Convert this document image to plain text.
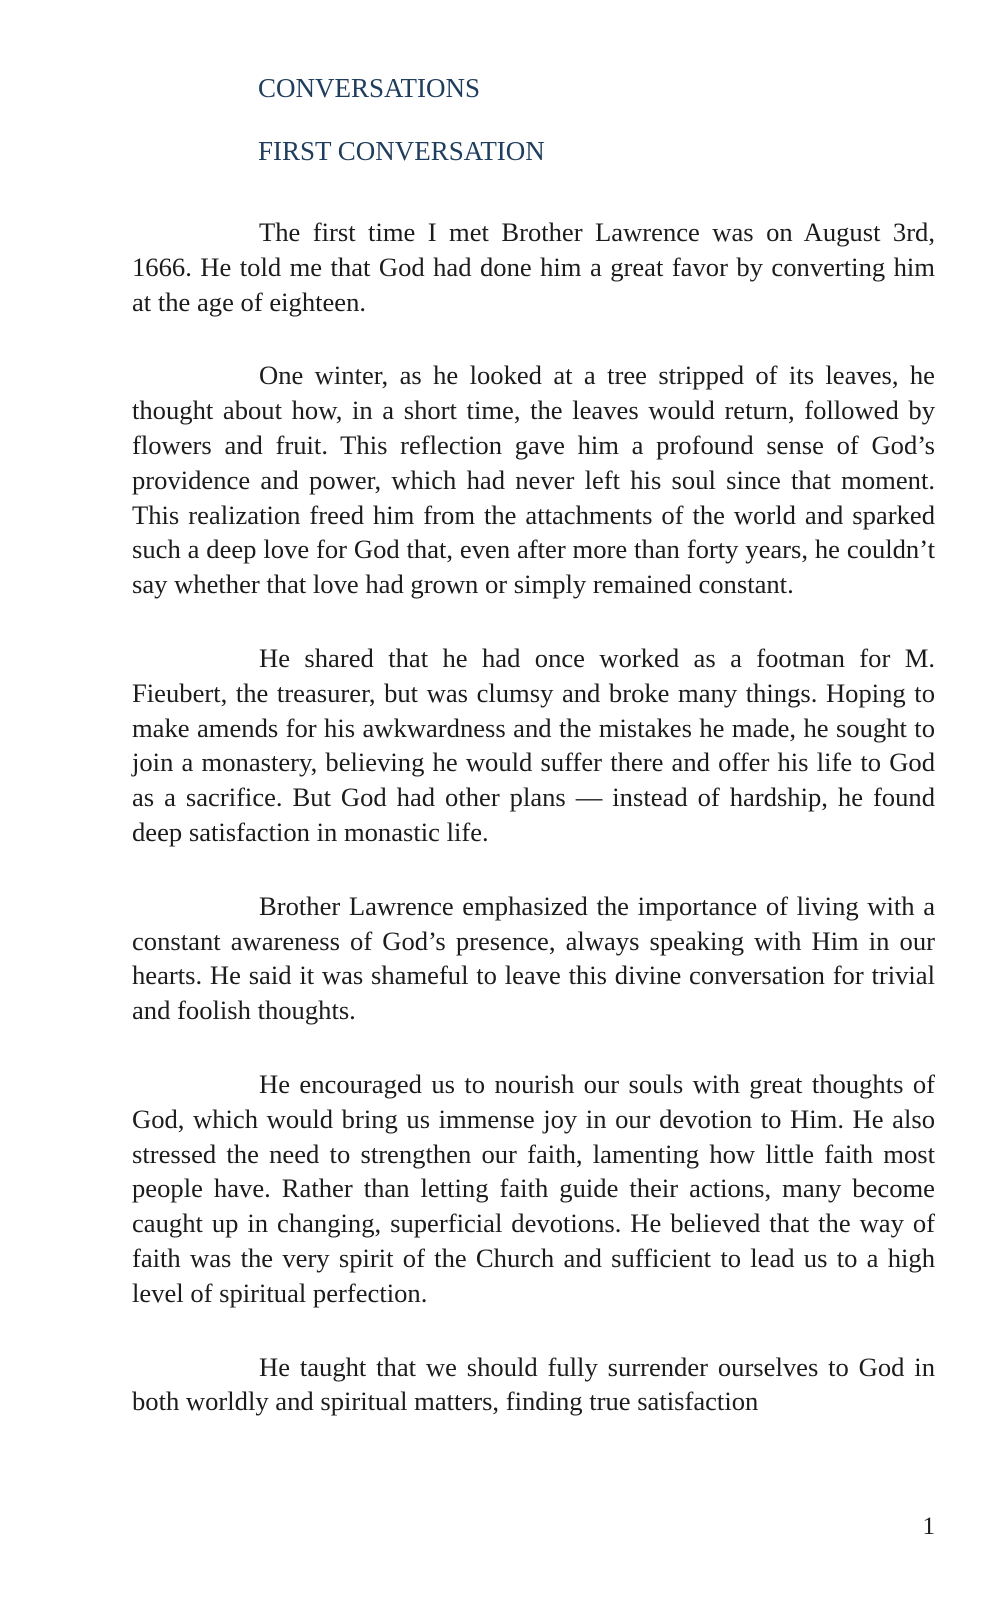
CONVERSATIONS
FIRST CONVERSATION

The first time I met Brother Lawrence was on August 3rd, 1666. He told me that God had done him a great favor by converting him at the age of eighteen.

One winter, as he looked at a tree stripped of its leaves, he thought about how, in a short time, the leaves would return, followed by flowers and fruit. This reflection gave him a profound sense of God’s providence and power, which had never left his soul since that moment. This realization freed him from the attachments of the world and sparked such a deep love for God that, even after more than forty years, he couldn’t say whether that love had grown or simply remained constant.

He shared that he had once worked as a footman for M. Fieubert, the treasurer, but was clumsy and broke many things. Hoping to make amends for his awkwardness and the mistakes he made, he sought to join a monastery, believing he would suffer there and offer his life to God as a sacrifice. But God had other plans — instead of hardship, he found deep satisfaction in monastic life.

Brother Lawrence emphasized the importance of living with a constant awareness of God’s presence, always speaking with Him in our hearts. He said it was shameful to leave this divine conversation for trivial and foolish thoughts.

He encouraged us to nourish our souls with great thoughts of God, which would bring us immense joy in our devotion to Him. He also stressed the need to strengthen our faith, lamenting how little faith most people have. Rather than letting faith guide their actions, many become caught up in changing, superficial devotions. He believed that the way of faith was the very spirit of the Church and sufficient to lead us to a high level of spiritual perfection.

He taught that we should fully surrender ourselves to God in both worldly and spiritual matters, finding true satisfaction

1
